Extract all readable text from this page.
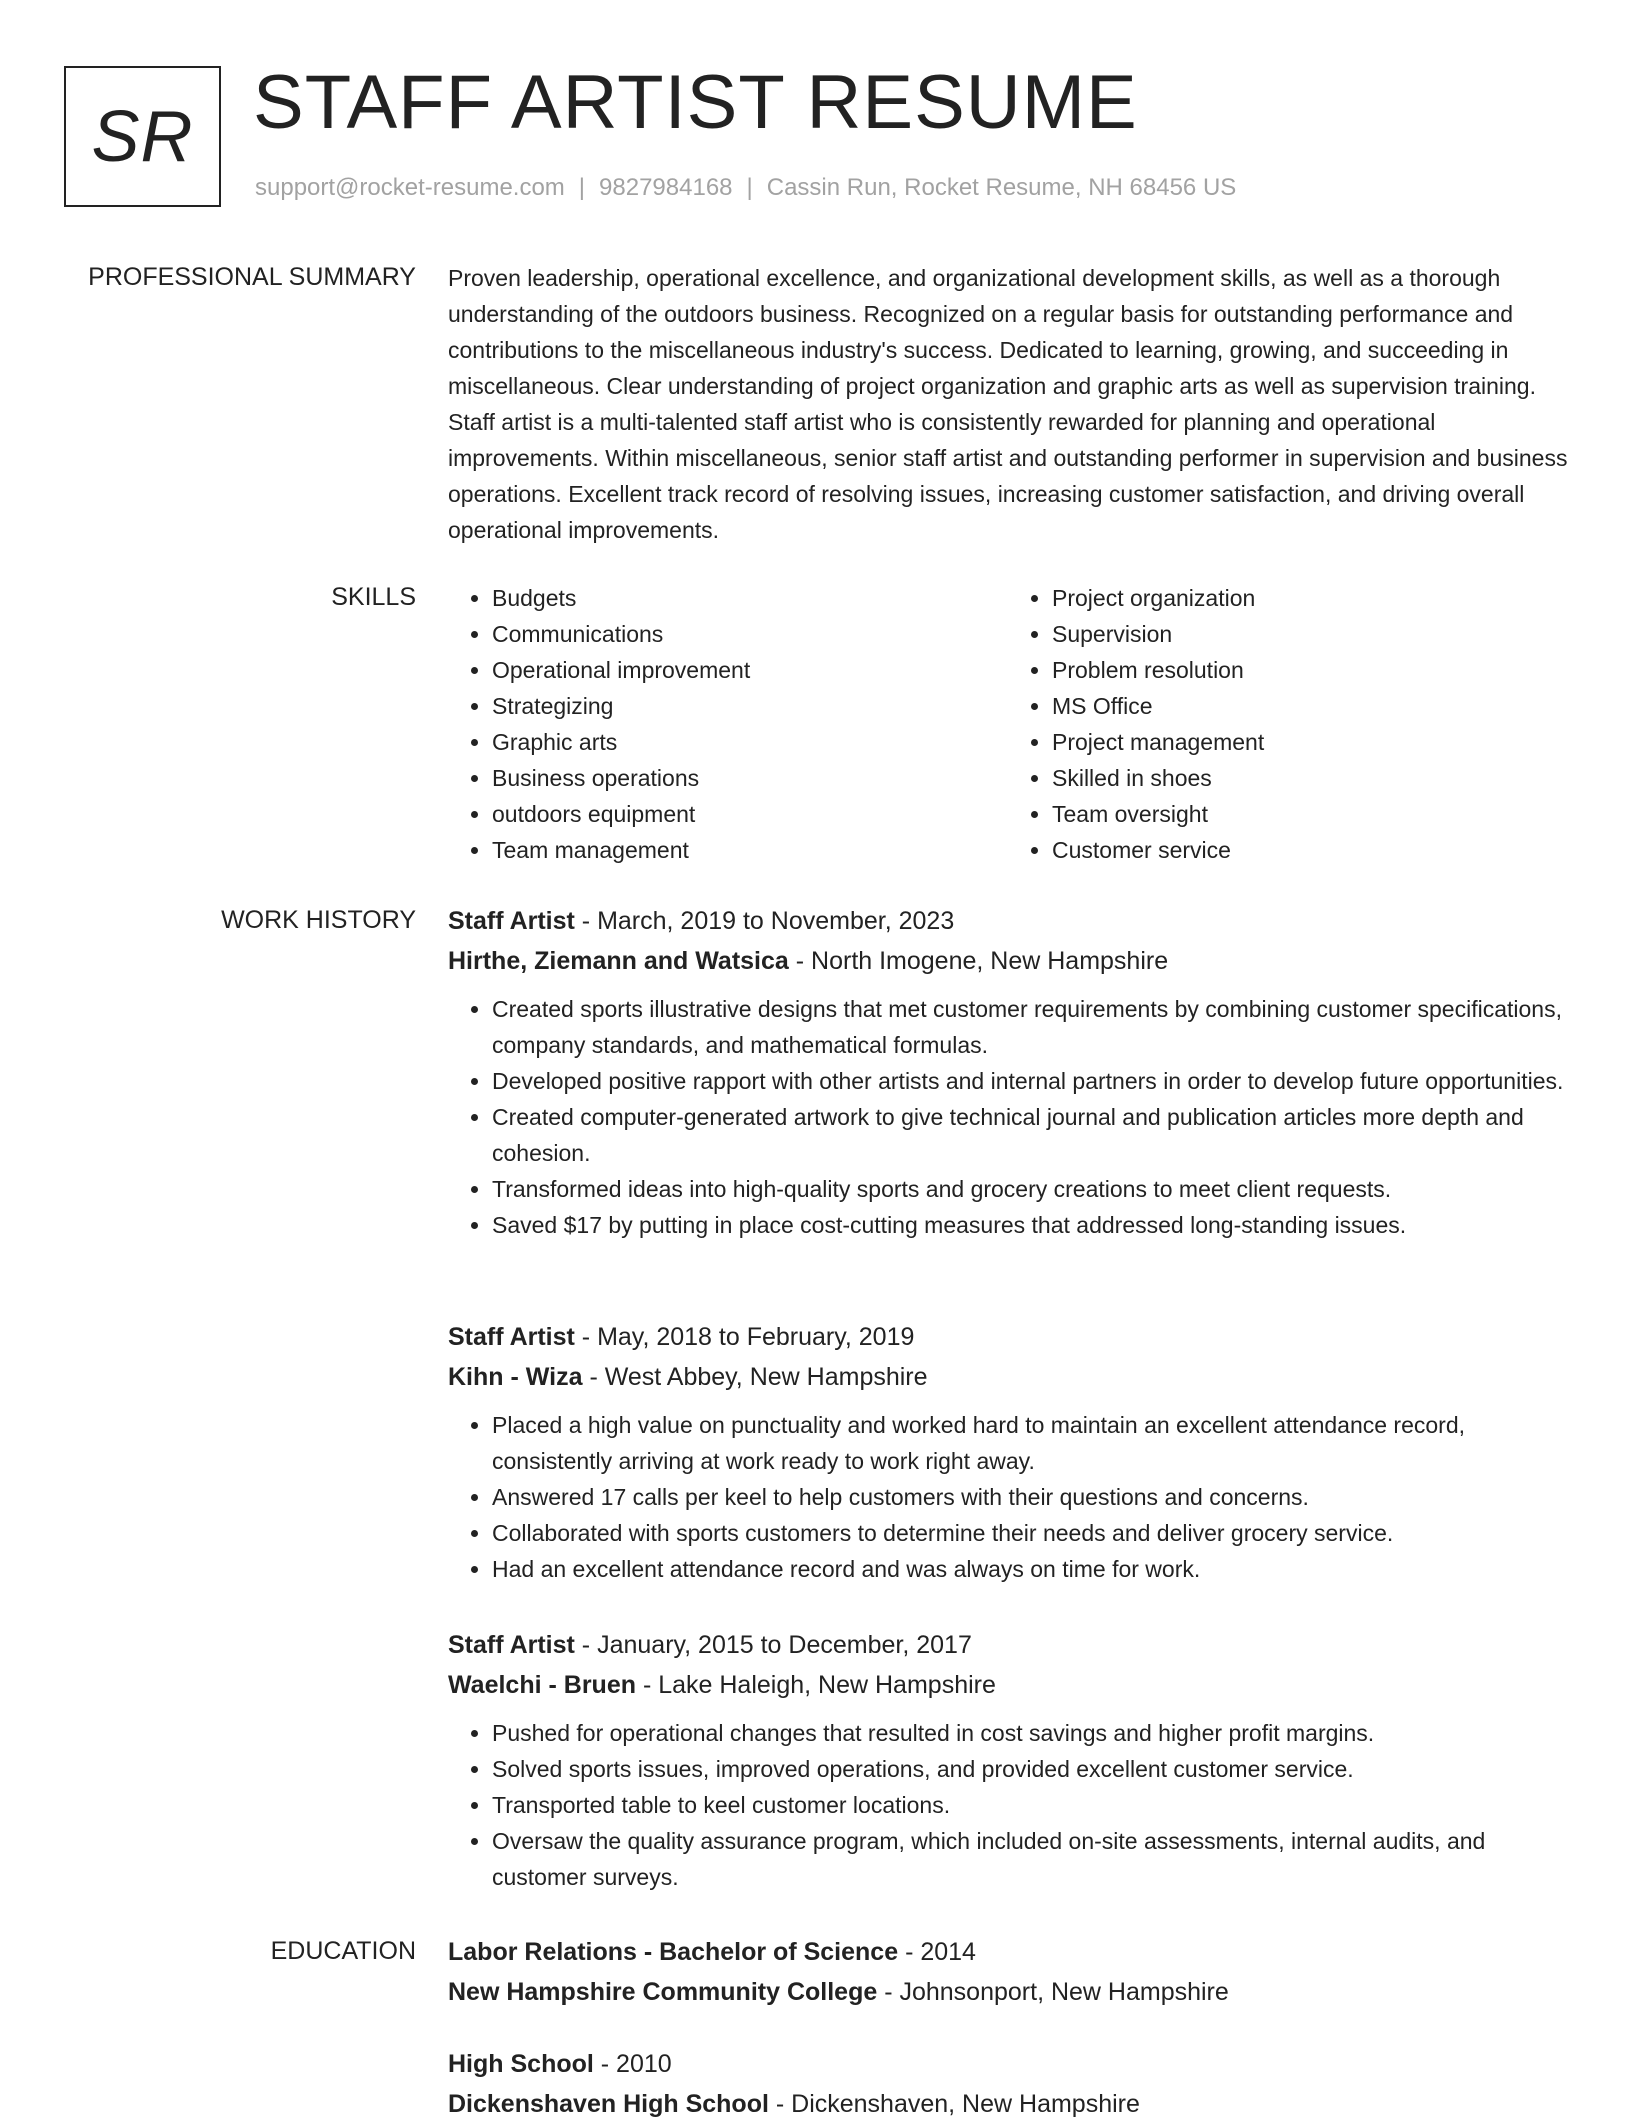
SR STAFF ARTIST RESUME
support@rocket-resume.com | 9827984168 | Cassin Run, Rocket Resume, NH 68456 US
PROFESSIONAL SUMMARY Proven leadership, operational excellence, and organizational development skills, as well as a thorough understanding of the outdoors business. Recognized on a regular basis for outstanding performance and contributions to the miscellaneous industry's success. Dedicated to learning, growing, and succeeding in miscellaneous. Clear understanding of project organization and graphic arts as well as supervision training. Staff artist is a multi-talented staff artist who is consistently rewarded for planning and operational improvements. Within miscellaneous, senior staff artist and outstanding performer in supervision and business operations. Excellent track record of resolving issues, increasing customer satisfaction, and driving overall operational improvements.

SKILLS
•	Budgets
• Communications
• Operational improvement
• Strategizing
• Graphic arts
• Business operations
• outdoors equipment
• Team management
• Project organization
• Supervision
• Problem resolution
• MS Office
• Project management
• Skilled in shoes
• Team oversight
• Customer service
WORK HISTORY Staff Artist - March, 2019 to November, 2023

Hirthe, Ziemann and Watsica - North Imogene, New Hampshire

• Created sports illustrative designs that met customer requirements by combining customer specifications, company standards, and mathematical formulas.
• Developed positive rapport with other artists and internal partners in order to develop future opportunities.
• Created computer-generated artwork to give technical journal and publication articles more depth and cohesion.
• Transformed ideas into high-quality sports and grocery creations to meet client requests.
• Saved $17 by putting in place cost-cutting measures that addressed long-standing issues.

Staff Artist - May, 2018 to February, 2019

Kihn - Wiza - West Abbey, New Hampshire

• Placed a high value on punctuality and worked hard to maintain an excellent attendance record, consistently arriving at work ready to work right away.
• Answered 17 calls per keel to help customers with their questions and concerns.
• Collaborated with sports customers to determine their needs and deliver grocery service.
• Had an excellent attendance record and was always on time for work.

Staff Artist - January, 2015 to December, 2017

Waelchi - Bruen - Lake Haleigh, New Hampshire

• Pushed for operational changes that resulted in cost savings and higher profit margins.
• Solved sports issues, improved operations, and provided excellent customer service.
• Transported table to keel customer locations.
• Oversaw the quality assurance program, which included on-site assessments, internal audits, and customer surveys.
EDUCATION Labor Relations - Bachelor of Science - 2014

New Hampshire Community College - Johnsonport, New Hampshire

High School - 2010

Dickenshaven High School - Dickenshaven, New Hampshire
